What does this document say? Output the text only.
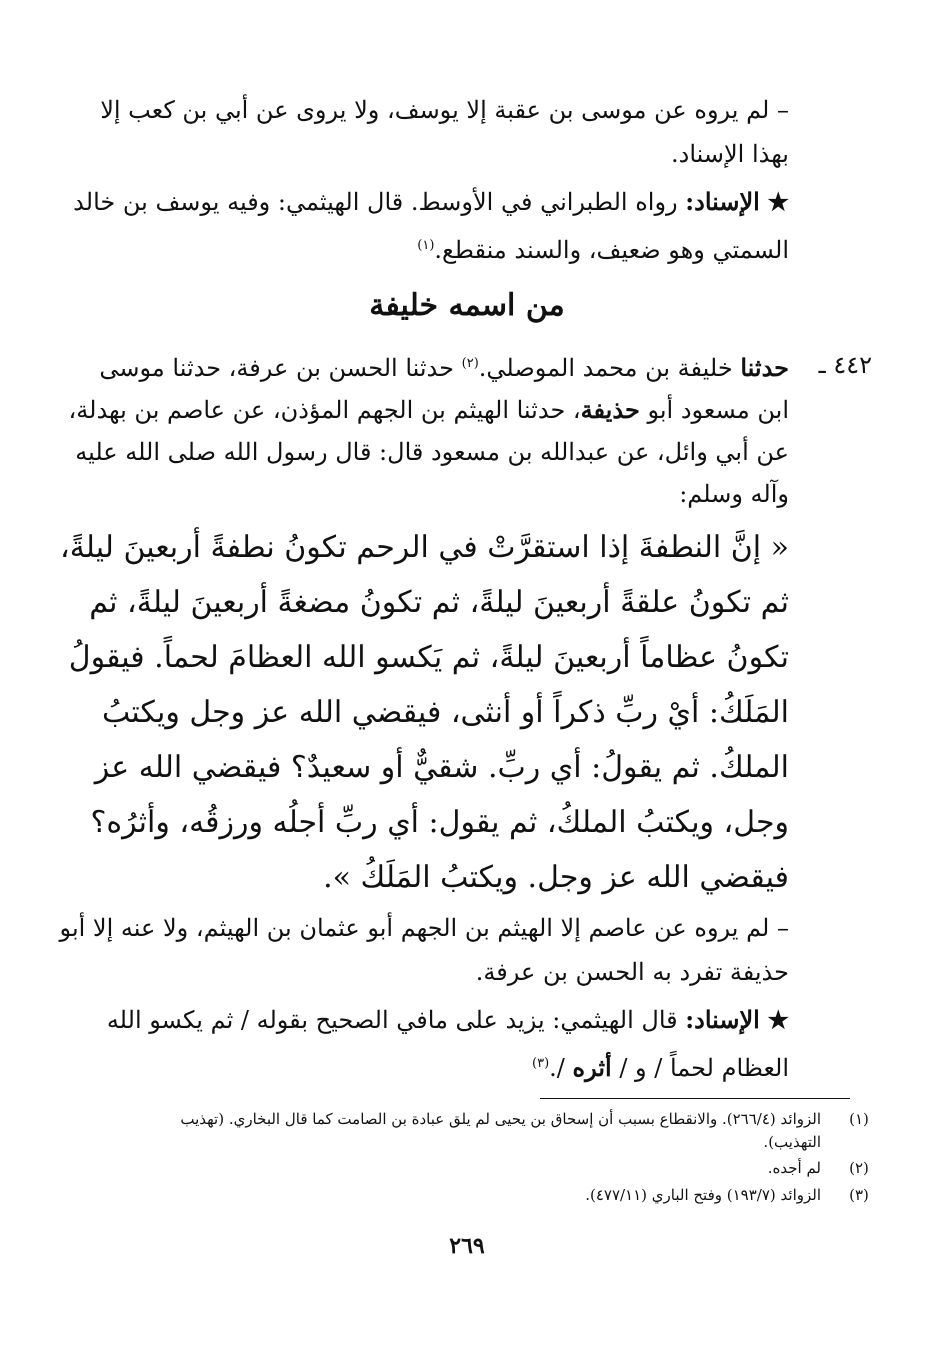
– لم يروه عن موسى بن عقبة إلا يوسف، ولا يروى عن أبي بن كعب إلا
بهذا الإسناد.
★ الإسناد: رواه الطبراني في الأوسط. قال الهيثمي: وفيه يوسف بن خالد
السمتي وهو ضعيف، والسند منقطع.$^{(١)}$
من اسمه خليفة
٤٤٢ ـ
حدثنا خليفة بن محمد الموصلي.$^{(٢)}$ حدثنا الحسن بن عرفة، حدثنا موسى
ابن مسعود أبو حذيفة، حدثنا الهيثم بن الجهم المؤذن، عن عاصم بن بهدلة،
عن أبي وائل، عن عبدالله بن مسعود قال: قال رسول الله صلى الله عليه
وآله وسلم:
« إنَّ النطفةَ إذا استقرَّتْ في الرحم تكونُ نطفةً أربعينَ ليلةً،
ثم تكونُ علقةً أربعينَ ليلةً، ثم تكونُ مضغةً أربعينَ ليلةً، ثم
تكونُ عظاماً أربعينَ ليلةً، ثم يَكسو الله العظامَ لحماً. فيقولُ
المَلَكُ: أيْ ربِّ ذكراً أو أنثى، فيقضي الله عز وجل ويكتبُ
الملكُ. ثم يقولُ: أي ربِّ. شقيٌّ أو سعيدٌ؟ فيقضي الله عز
وجل، ويكتبُ الملكُ، ثم يقول: أي ربِّ أجلُه ورزقُه، وأثرُه؟
فيقضي الله عز وجل. ويكتبُ المَلَكُ ».
– لم يروه عن عاصم إلا الهيثم بن الجهم أبو عثمان بن الهيثم، ولا عنه إلا أبو
حذيفة تفرد به الحسن بن عرفة.
★ الإسناد: قال الهيثمي: يزيد على مافي الصحيح بقوله / ثم يكسو الله
العظام لحماً / و / أثره /.$^{(٣)}$
(١)
الزوائد (٢٦٦/٤). والانقطاع بسبب أن إسحاق بن يحيى لم يلق عبادة بن الصامت كما قال البخاري. (تهذيب
التهذيب).
(٢)
لم أجده.
(٣)
الزوائد (١٩٣/٧) وفتح الباري (٤٧٧/١١).
٢٦٩
